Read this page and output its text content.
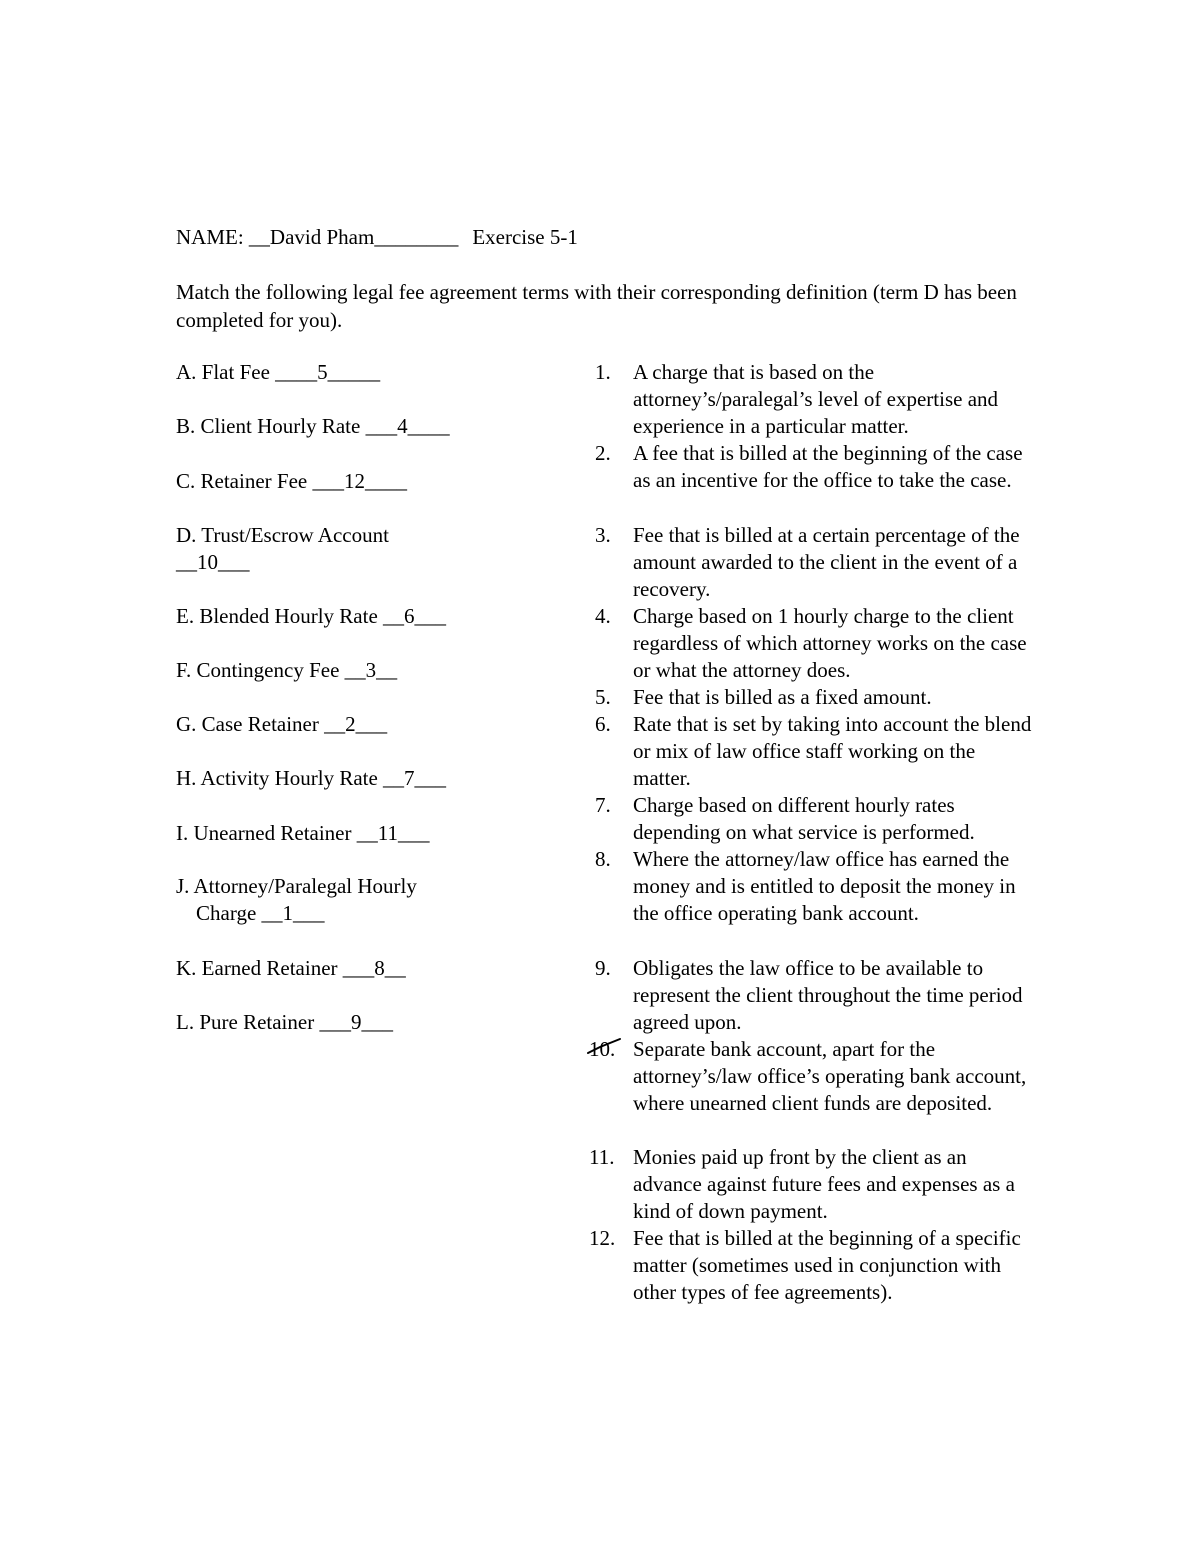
NAME: __David Pham________ Exercise 5-1
Match the following legal fee agreement terms with their corresponding definition (term D has been completed for you).
A. Flat Fee ____5_____
B. Client Hourly Rate ___4____
C. Retainer Fee ___12____
D. Trust/Escrow Account
__10___
E. Blended Hourly Rate __6___
F. Contingency Fee __3__
G. Case Retainer __2___
H. Activity Hourly Rate __7___
I. Unearned Retainer __11___
J. Attorney/Paralegal Hourly
Charge __1___
K. Earned Retainer ___8__
L. Pure Retainer ___9___
1.	A charge that is based on the attorney’s/paralegal’s level of expertise and experience in a particular matter.
2.	A fee that is billed at the beginning of the case as an incentive for the office to take the case.
3.	Fee that is billed at a certain percentage of the amount awarded to the client in the event of a recovery.
4.	Charge based on 1 hourly charge to the client regardless of which attorney works on the case or what the attorney does.
5.	Fee that is billed as a fixed amount.
6.	Rate that is set by taking into account the blend or mix of law office staff working on the matter.
7.	Charge based on different hourly rates depending on what service is performed.
8.	Where the attorney/law office has earned the money and is entitled to deposit the money in the office operating bank account.
9.	Obligates the law office to be available to represent the client throughout the time period agreed upon.
10. Separate bank account, apart for the attorney’s/law office’s operating bank account, where unearned client funds are deposited.
11. Monies paid up front by the client as an advance against future fees and expenses as a kind of down payment.
12. Fee that is billed at the beginning of a specific matter (sometimes used in conjunction with other types of fee agreements).
